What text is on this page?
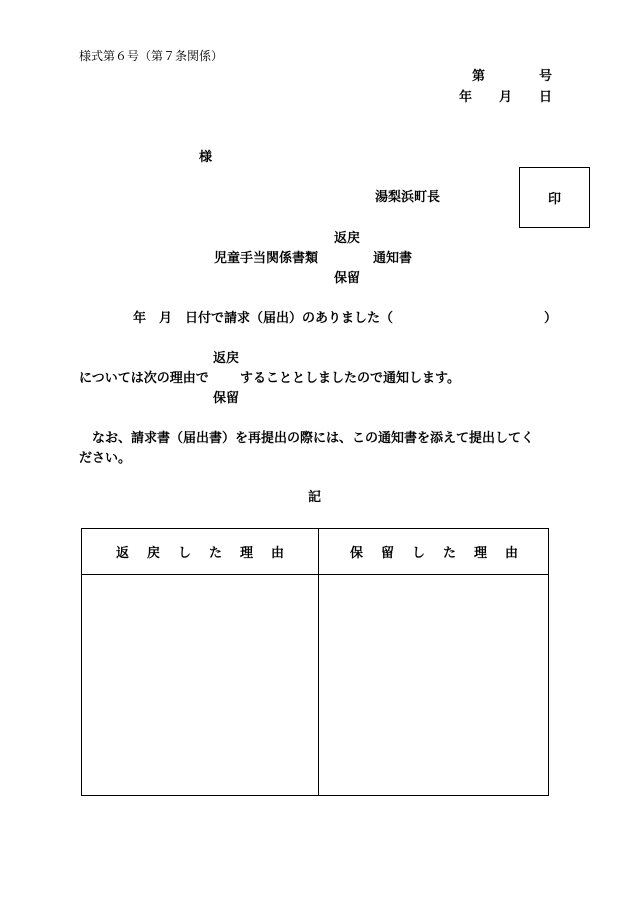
様式第６号（第７条関係）
第	号
年 月 日
様
湯梨浜町長	印
返戻
児童手当関係書類	通知書
保留
年　月　日付で請求（届出）のありました（	）
返戻
については次の理由で することとしましたので通知します。
保留
なお、請求書（届出書）を再提出の際には、この通知書を添えて提出してく
ださい。
記
返戻した理由	保留した理由
